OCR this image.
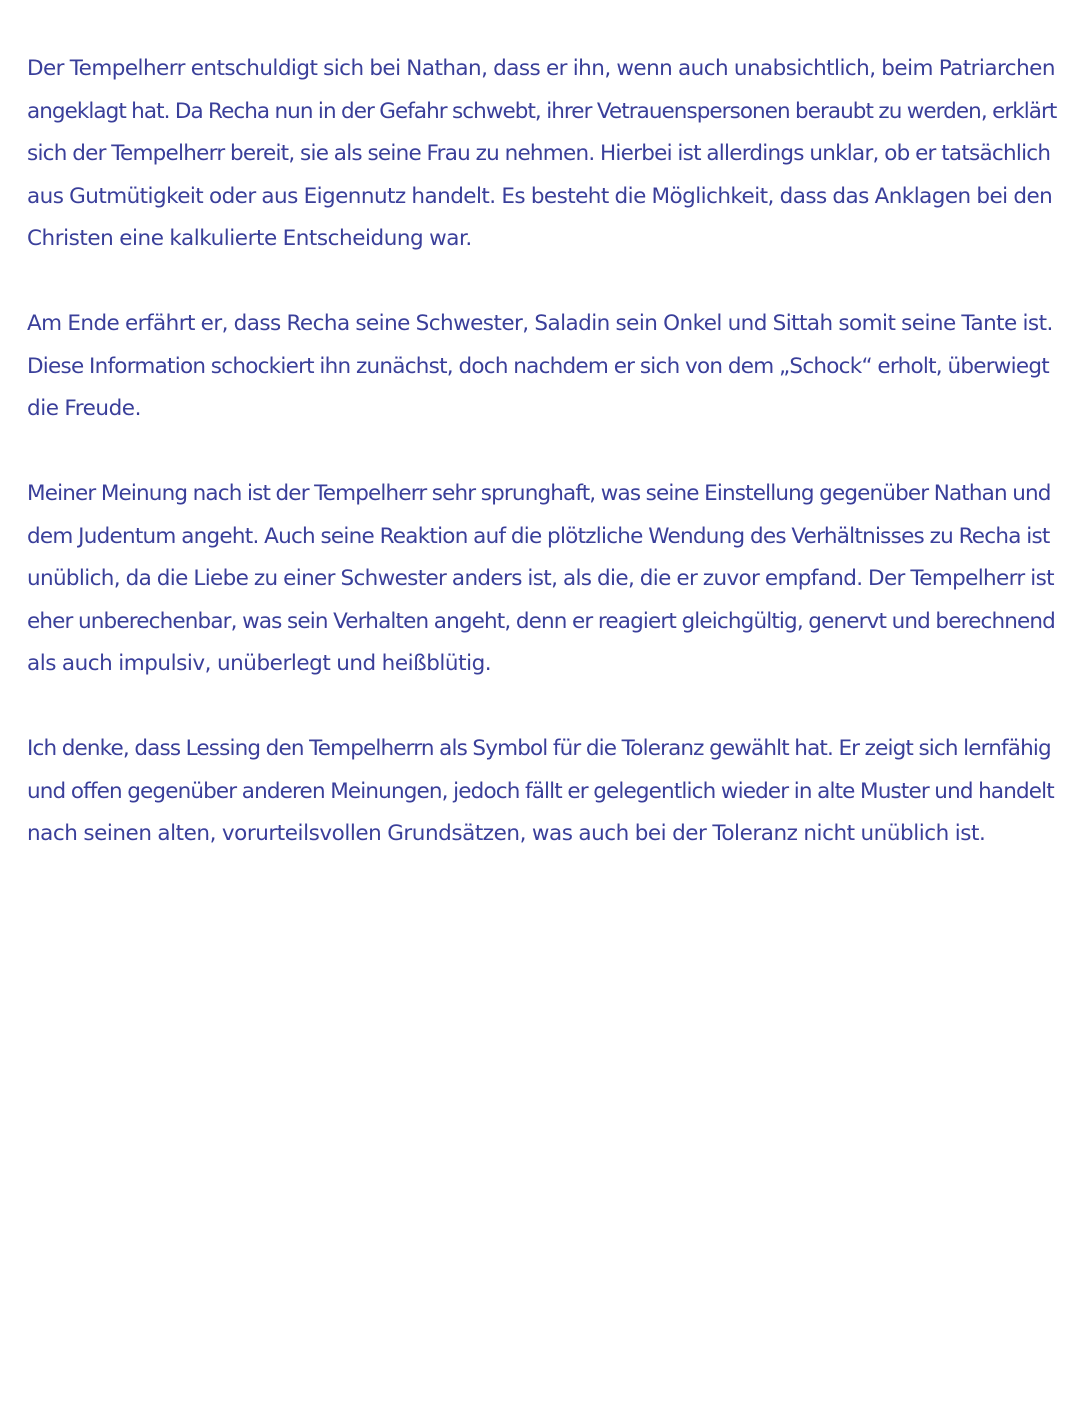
Der Tempelherr entschuldigt sich bei Nathan, dass er ihn, wenn auch unabsichtlich, beim Patriarchen
angeklagt hat. Da Recha nun in der Gefahr schwebt, ihrer Vetrauenspersonen beraubt zu werden, erklärt
sich der Tempelherr bereit, sie als seine Frau zu nehmen. Hierbei ist allerdings unklar, ob er tatsächlich
aus Gutmütigkeit oder aus Eigennutz handelt. Es besteht die Möglichkeit, dass das Anklagen bei den
Christen eine kalkulierte Entscheidung war.
Am Ende erfährt er, dass Recha seine Schwester, Saladin sein Onkel und Sittah somit seine Tante ist.
Diese Information schockiert ihn zunächst, doch nachdem er sich von dem „Schock“ erholt, überwiegt
die Freude.
Meiner Meinung nach ist der Tempelherr sehr sprunghaft, was seine Einstellung gegenüber Nathan und
dem Judentum angeht. Auch seine Reaktion auf die plötzliche Wendung des Verhältnisses zu Recha ist
unüblich, da die Liebe zu einer Schwester anders ist, als die, die er zuvor empfand. Der Tempelherr ist
eher unberechenbar, was sein Verhalten angeht, denn er reagiert gleichgültig, genervt und berechnend
als auch impulsiv, unüberlegt und heißblütig.
Ich denke, dass Lessing den Tempelherrn als Symbol für die Toleranz gewählt hat. Er zeigt sich lernfähig
und offen gegenüber anderen Meinungen, jedoch fällt er gelegentlich wieder in alte Muster und handelt
nach seinen alten, vorurteilsvollen Grundsätzen, was auch bei der Toleranz nicht unüblich ist.
